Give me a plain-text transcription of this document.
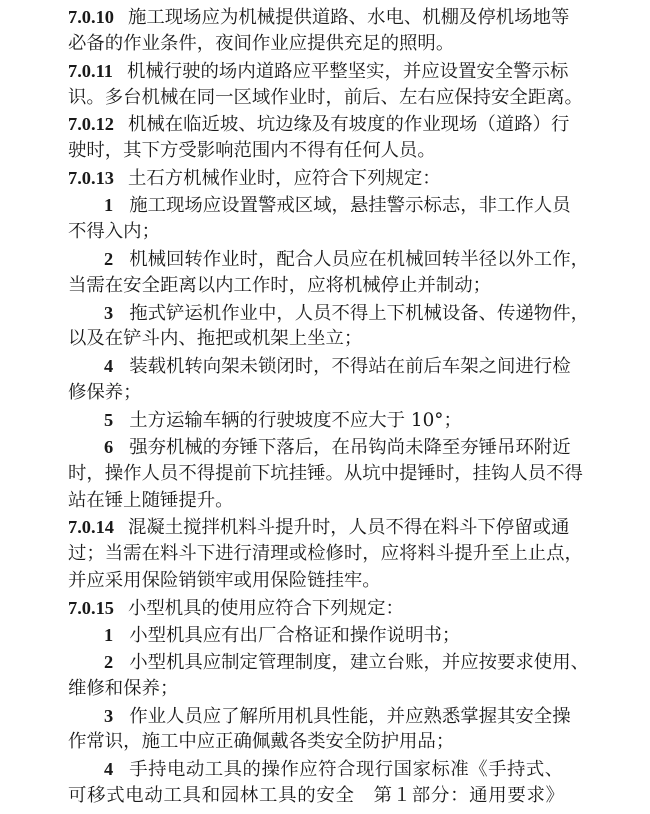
7.0.10 施工现场应为机械提供道路、水电、机棚及停机场地等
必备的作业条件，夜间作业应提供充足的照明。
7.0.11 机械行驶的场内道路应平整坚实，并应设置安全警示标
识。多台机械在同一区域作业时，前后、左右应保持安全距离。
7.0.12 机械在临近坡、坑边缘及有坡度的作业现场（道路）行
驶时，其下方受影响范围内不得有任何人员。
7.0.13 土石方机械作业时，应符合下列规定：
1 施工现场应设置警戒区域，悬挂警示标志，非工作人员
不得入内；
2 机械回转作业时，配合人员应在机械回转半径以外工作，
当需在安全距离以内工作时，应将机械停止并制动；
3 拖式铲运机作业中，人员不得上下机械设备、传递物件，
以及在铲斗内、拖把或机架上坐立；
4 装载机转向架未锁闭时，不得站在前后车架之间进行检
修保养；
5 土方运输车辆的行驶坡度不应大于 10°；
6 强夯机械的夯锤下落后，在吊钩尚未降至夯锤吊环附近
时，操作人员不得提前下坑挂锤。从坑中提锤时，挂钩人员不得
站在锤上随锤提升。
7.0.14 混凝土搅拌机料斗提升时，人员不得在料斗下停留或通
过；当需在料斗下进行清理或检修时，应将料斗提升至上止点，
并应采用保险销锁牢或用保险链挂牢。
7.0.15 小型机具的使用应符合下列规定：
1 小型机具应有出厂合格证和操作说明书；
2 小型机具应制定管理制度，建立台账，并应按要求使用、
维修和保养；
3 作业人员应了解所用机具性能，并应熟悉掌握其安全操
作常识，施工中应正确佩戴各类安全防护用品；
4 手持电动工具的操作应符合现行国家标准《手持式、
可移式电动工具和园林工具的安全　第１部分：通用要求》
